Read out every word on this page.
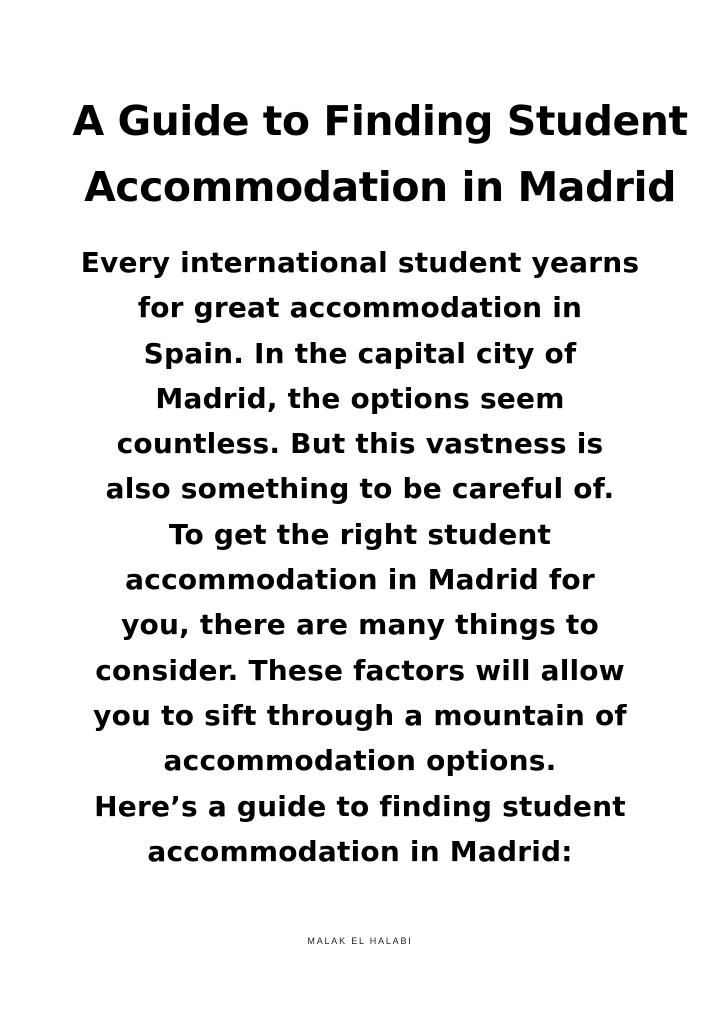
A Guide to Finding Student
Accommodation in Madrid
Every international student yearns
for great accommodation in
Spain. In the capital city of
Madrid, the options seem
countless. But this vastness is
also something to be careful of.
To get the right student
accommodation in Madrid for
you, there are many things to
consider. These factors will allow
you to sift through a mountain of
accommodation options.
Here’s a guide to finding student
accommodation in Madrid:

MALAK EL HALABI
